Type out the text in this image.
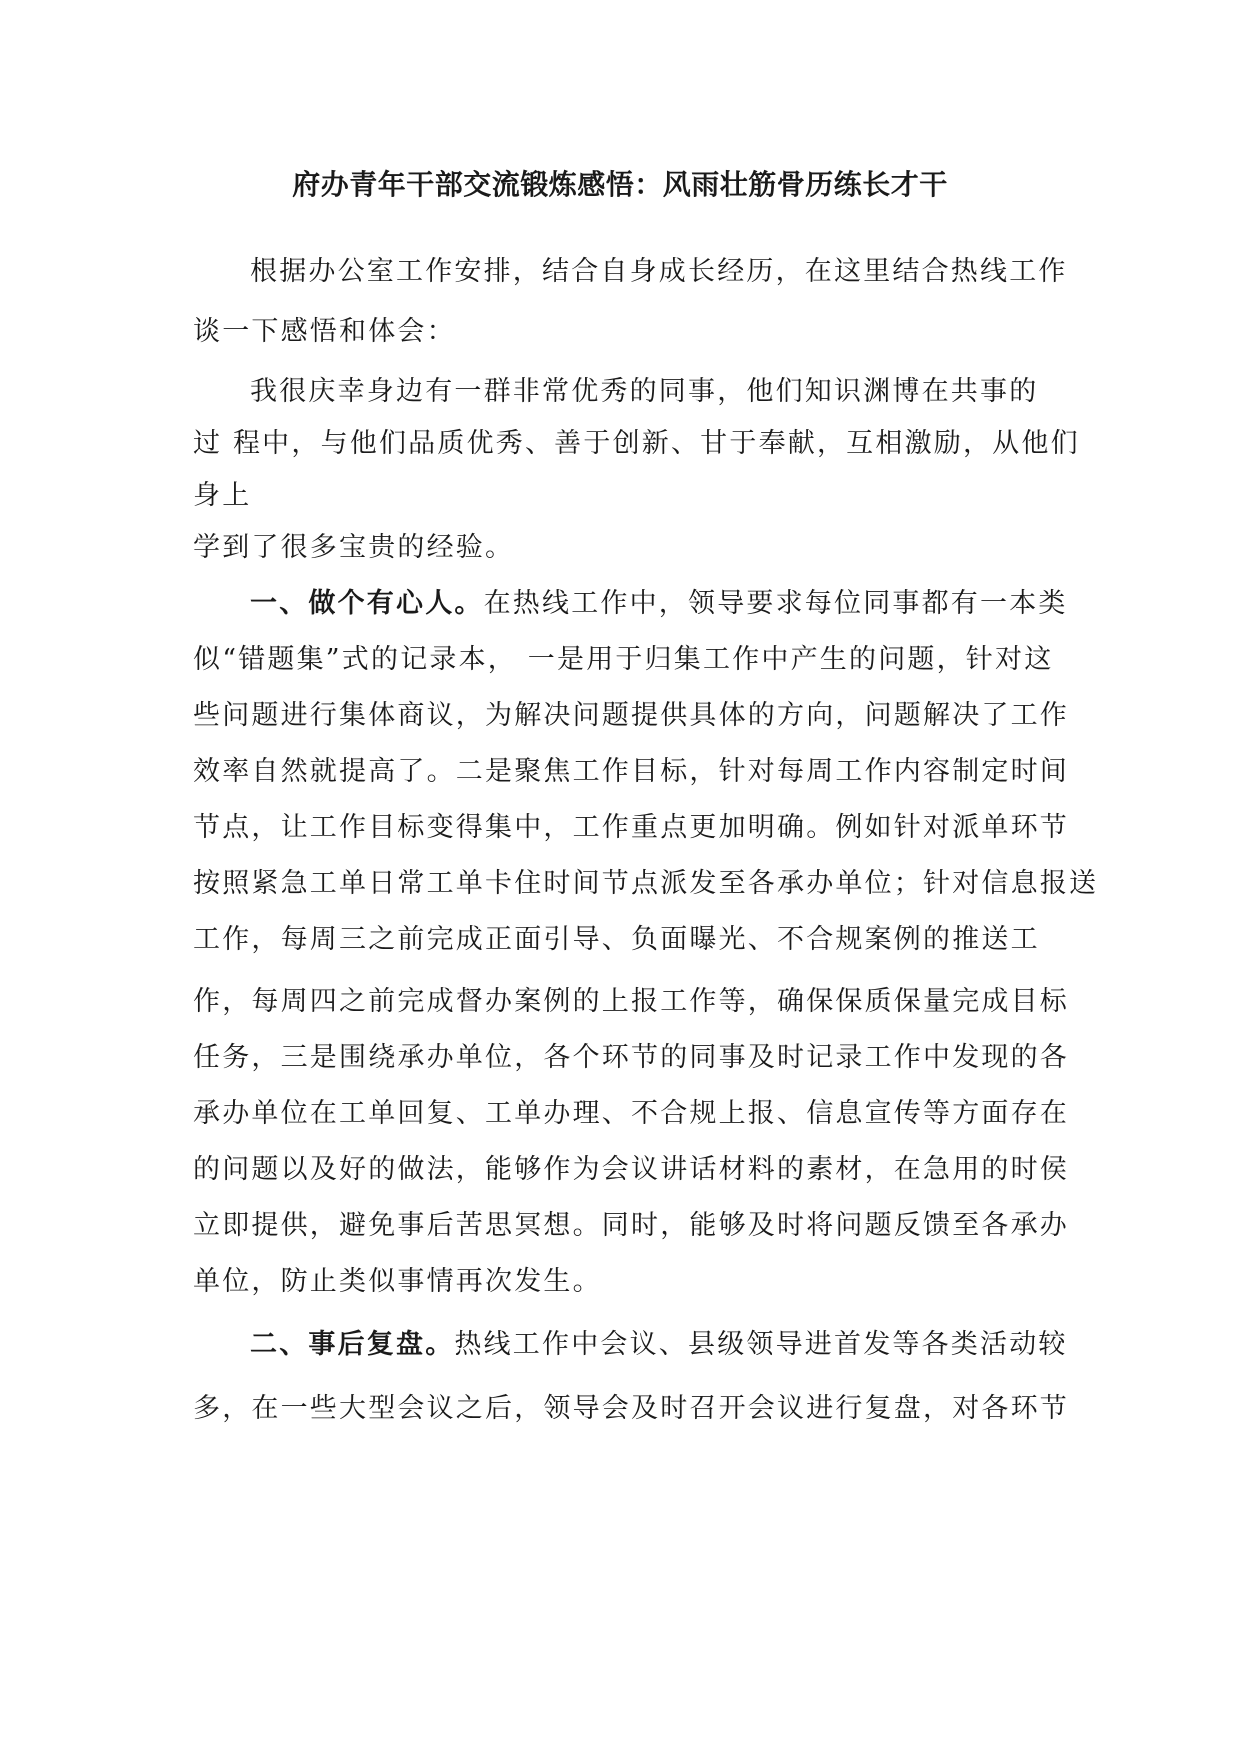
府办青年干部交流锻炼感悟：风雨壮筋骨历练长才干
根据办公室工作安排，结合自身成长经历，在这里结合热线工作
谈一下感悟和体会：
我很庆幸身边有一群非常优秀的同事，他们知识渊博在共事的
过 程中，与他们品质优秀、善于创新、甘于奉献，互相激励，从他们
身上
学到了很多宝贵的经验。
一、做个有心人。在热线工作中，领导要求每位同事都有一本类
似“错题集”式的记录本， 一是用于归集工作中产生的问题，针对这
些问题进行集体商议，为解决问题提供具体的方向，问题解决了工作
效率自然就提高了。二是聚焦工作目标，针对每周工作内容制定时间
节点，让工作目标变得集中，工作重点更加明确。例如针对派单环节
按照紧急工单日常工单卡住时间节点派发至各承办单位；针对信息报送
工作，每周三之前完成正面引导、负面曝光、不合规案例的推送工
作，每周四之前完成督办案例的上报工作等，确保保质保量完成目标
任务，三是围绕承办单位，各个环节的同事及时记录工作中发现的各
承办单位在工单回复、工单办理、不合规上报、信息宣传等方面存在
的问题以及好的做法，能够作为会议讲话材料的素材，在急用的时侯
立即提供，避免事后苦思冥想。同时，能够及时将问题反馈至各承办
单位，防止类似事情再次发生。
二、事后复盘。热线工作中会议、县级领导进首发等各类活动较
多，在一些大型会议之后，领导会及时召开会议进行复盘，对各环节
